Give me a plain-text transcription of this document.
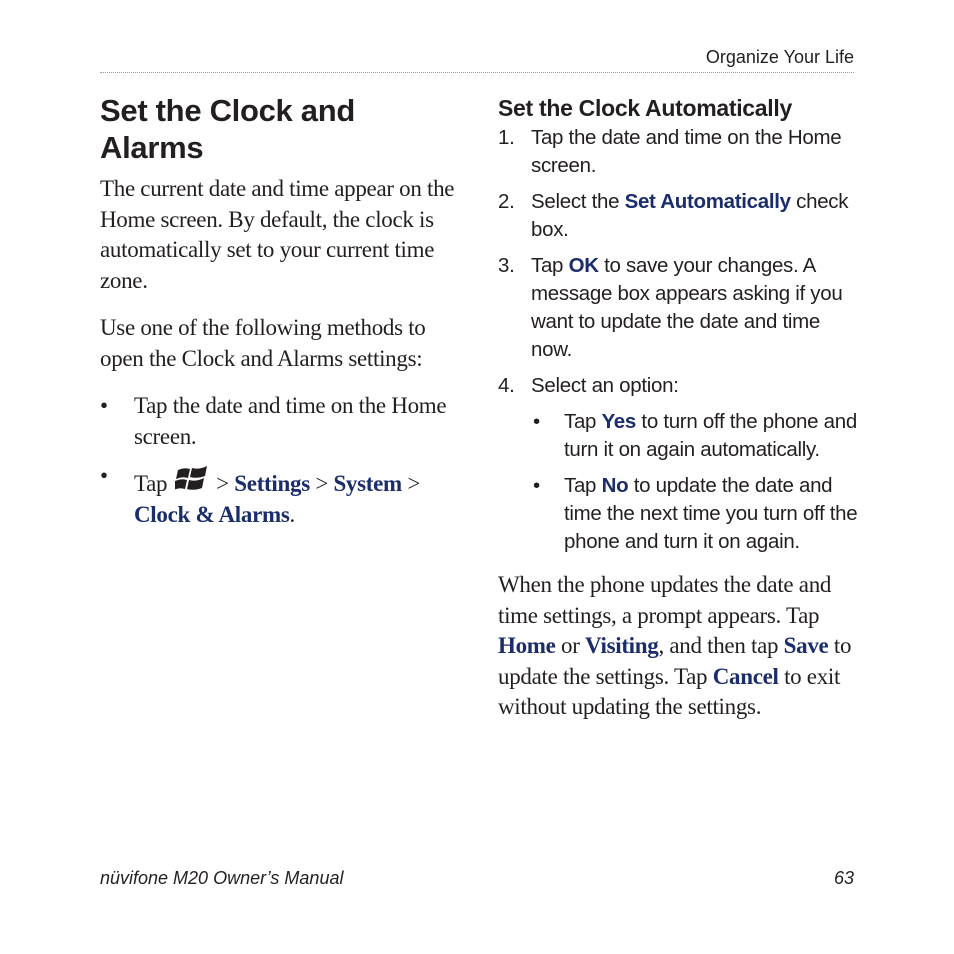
Organize Your Life
Set the Clock and Alarms

The current date and time appear on the Home screen. By default, the clock is automatically set to your current time zone.

Use one of the following methods to open the Clock and Alarms settings:

• Tap the date and time on the Home screen.
• Tap > Settings > System >
Clock & Alarms.
Set the Clock Automatically
1. Tap the date and time on the Home screen.
2. Select the Set Automatically check box.
3. Tap OK to save your changes. A message box appears asking if you want to update the date and time now.
4. Select an option:
• Tap Yes to turn off the phone and turn it on again automatically.
• Tap No to update the date and time the next time you turn off the phone and turn it on again.

When the phone updates the date and time settings, a prompt appears. Tap Home or Visiting, and then tap Save to update the settings. Tap Cancel to exit without updating the settings.

nüvifone M20 Owner’s Manual	63
